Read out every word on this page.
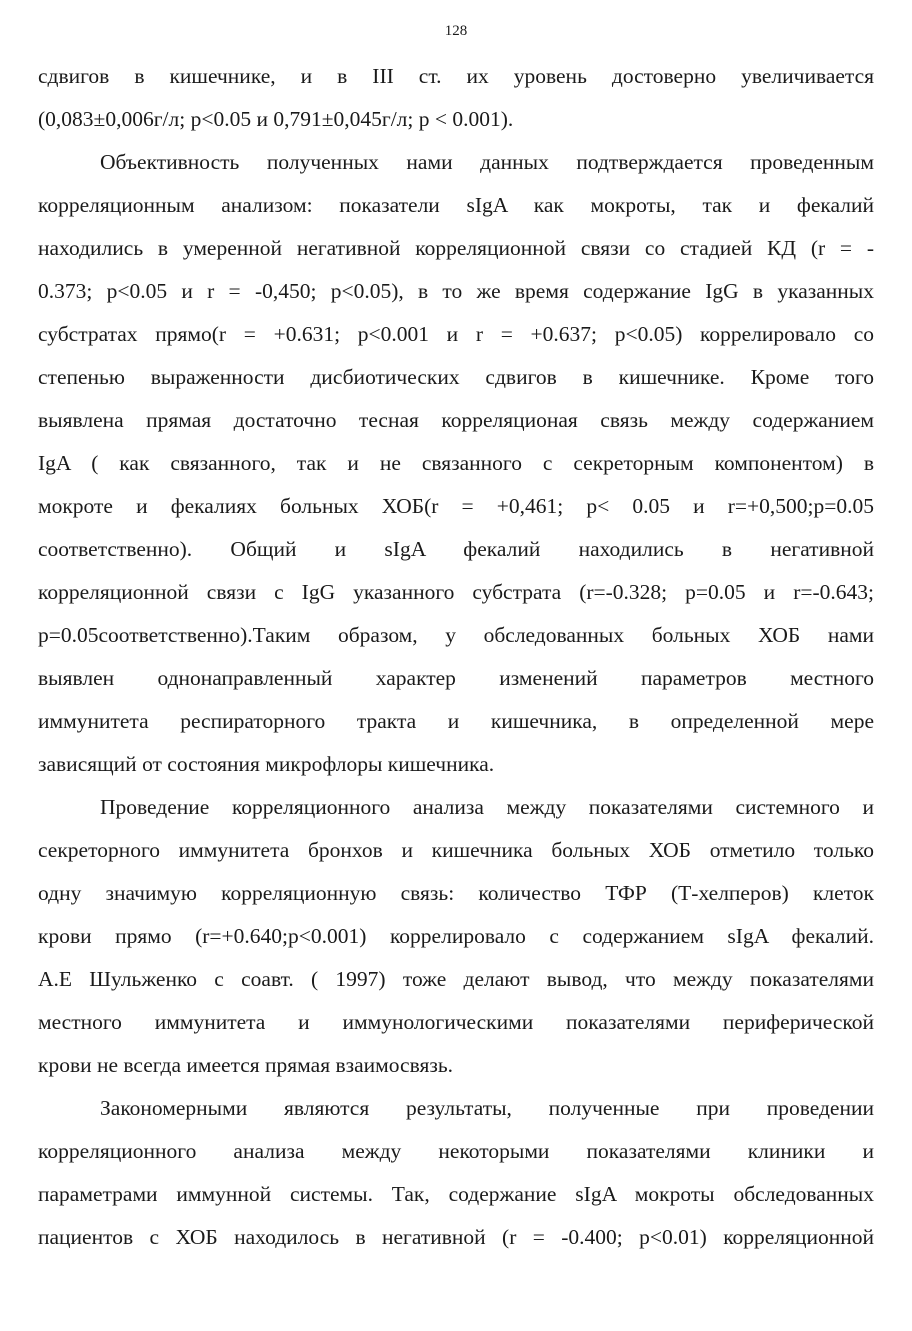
128
сдвигов в кишечнике, и в III ст. их уровень достоверно увеличивается
(0,083±0,006г/л; p<0.05 и 0,791±0,045г/л; p < 0.001).
Объективность полученных нами данных подтверждается проведенным
корреляционным анализом: показатели sIgA как мокроты, так и фекалий
находились в умеренной негативной корреляционной связи со стадией КД (r = -
0.373; p<0.05 и r = -0,450; p<0.05), в то же время содержание IgG в указанных
субстратах прямо(r = +0.631; p<0.001 и r = +0.637; p<0.05) коррелировало со
степенью выраженности дисбиотических сдвигов в кишечнике. Кроме того
выявлена прямая достаточно тесная корреляционая связь между содержанием
IgA ( как связанного, так и не связанного с секреторным компонентом) в
мокроте и фекалиях больных ХОБ(r = +0,461; p< 0.05 и r=+0,500;p=0.05
соответственно). Общий и sIgA фекалий находились в негативной
корреляционной связи с IgG указанного субстрата (r=-0.328; p=0.05 и r=-0.643;
p=0.05соответственно).Таким образом, у обследованных больных ХОБ нами
выявлен однонаправленный характер изменений параметров местного
иммунитета респираторного тракта и кишечника, в определенной мере
зависящий от состояния микрофлоры кишечника.
Проведение корреляционного анализа между показателями системного и
секреторного иммунитета бронхов и кишечника больных ХОБ отметило только
одну значимую корреляционную связь: количество ТФР (Т-хелперов) клеток
крови прямо (r=+0.640;p<0.001) коррелировало с содержанием sIgA фекалий.
А.Е Шульженко с соавт. ( 1997) тоже делают вывод, что между показателями
местного иммунитета и иммунологическими показателями периферической
крови не всегда имеется прямая взаимосвязь.
Закономерными являются результаты, полученные при проведении
корреляционного анализа между некоторыми показателями клиники и
параметрами иммунной системы. Так, содержание sIgA мокроты обследованных
пациентов с ХОБ находилось в негативной (r = -0.400; p<0.01) корреляционной
